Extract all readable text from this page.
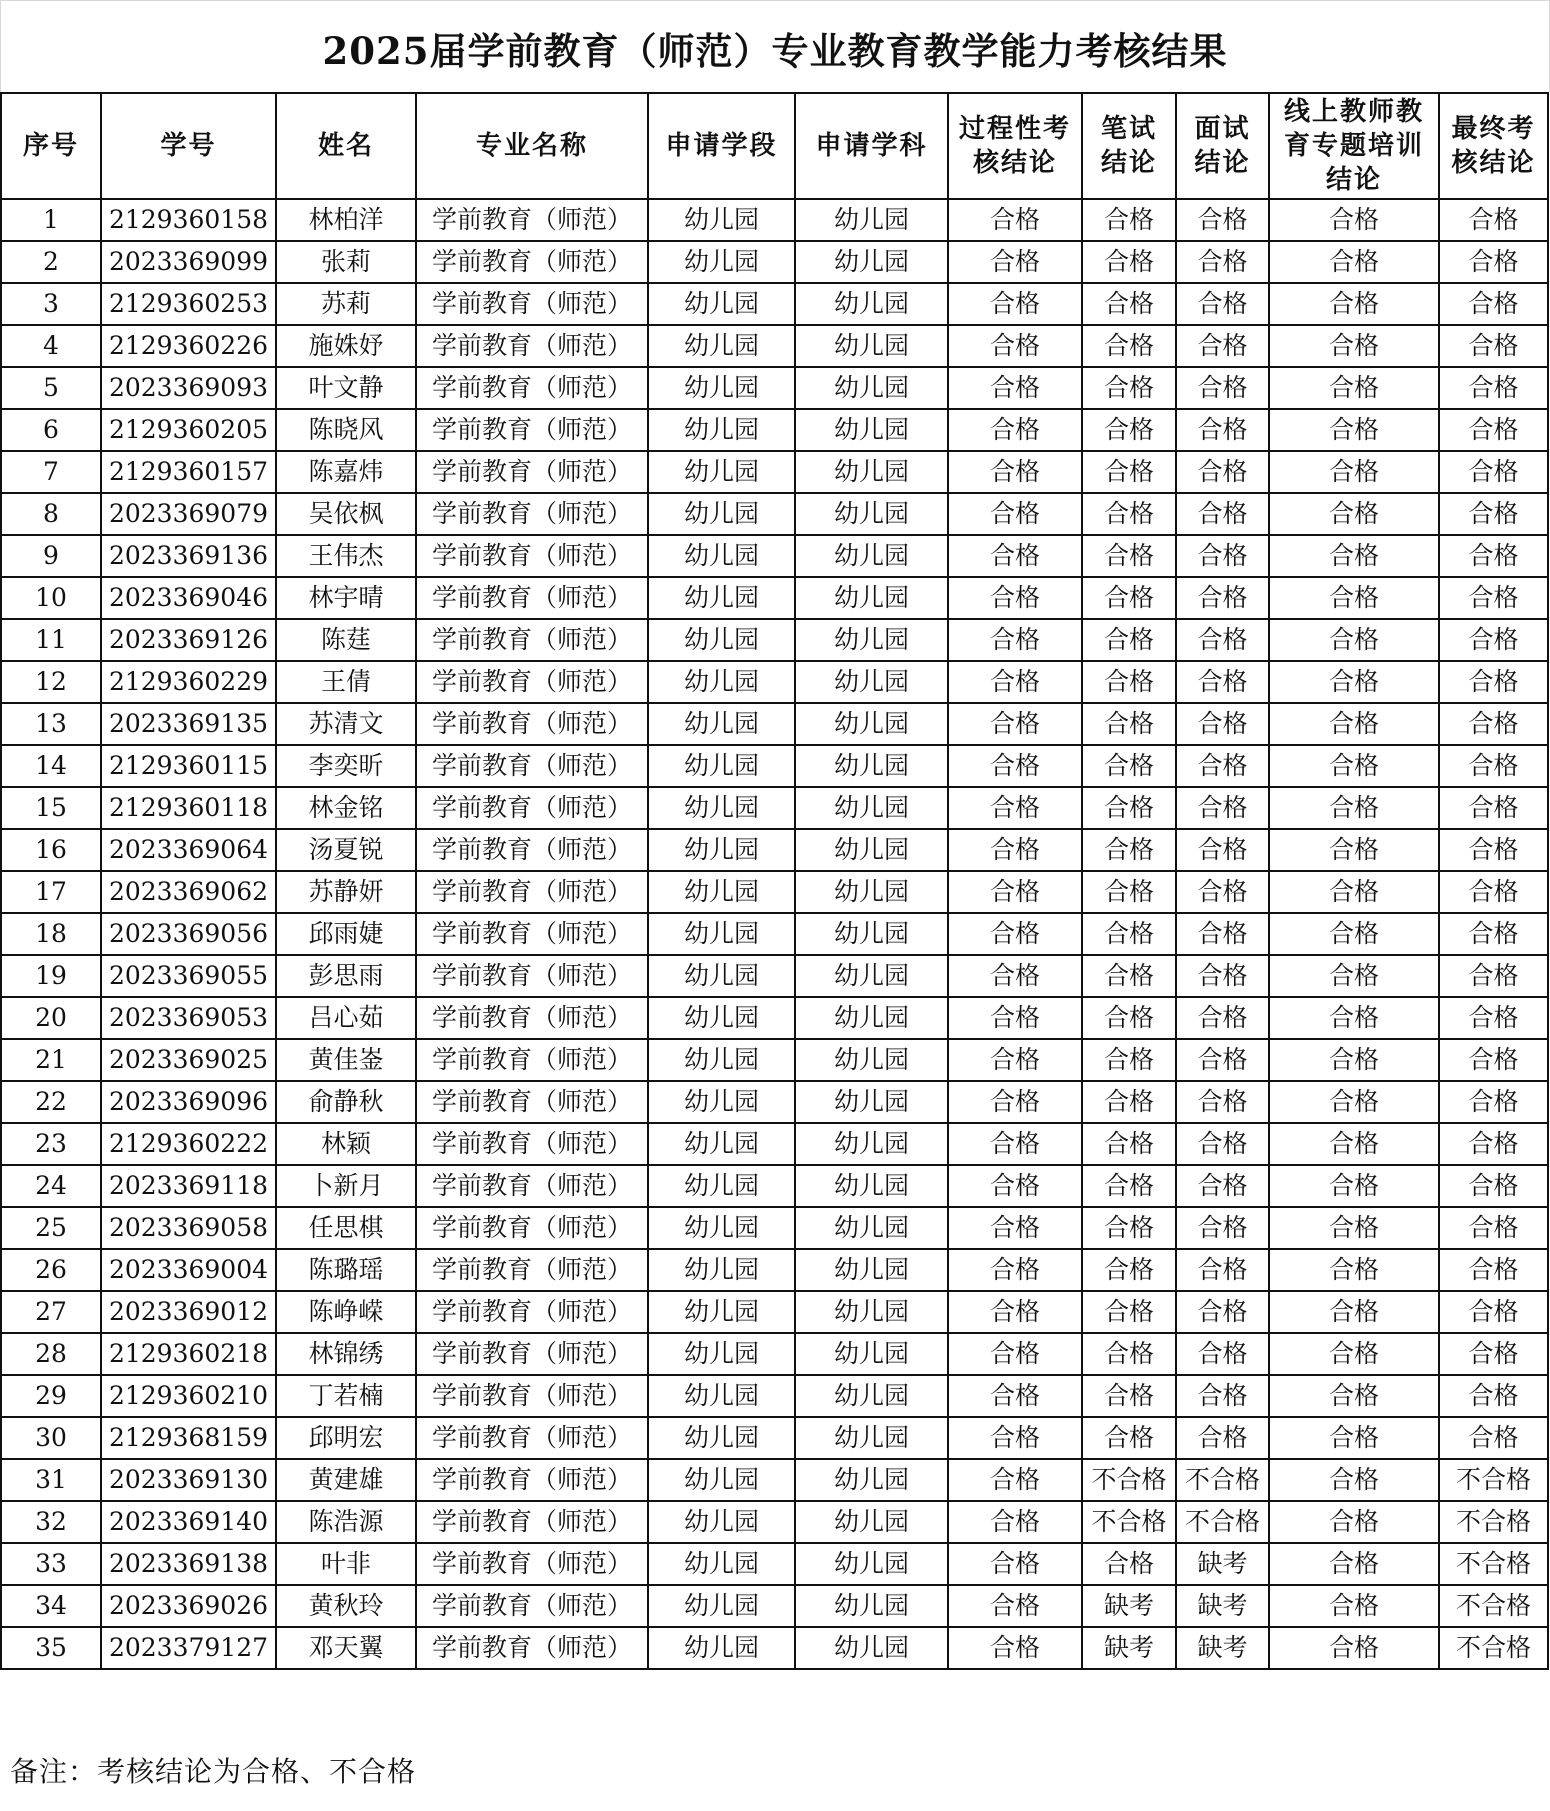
2025届学前教育（师范）专业教育教学能力考核结果
序号	学号	姓名	专业名称	申请学段	申请学科	过程性考核结论	笔试结论	面试结论	线上教师教育专题培训结论	最终考核结论
1	2129360158	林柏洋	学前教育（师范）	幼儿园	幼儿园	合格	合格	合格	合格	合格
2	2023369099	张莉	学前教育（师范）	幼儿园	幼儿园	合格	合格	合格	合格	合格
3	2129360253	苏莉	学前教育（师范）	幼儿园	幼儿园	合格	合格	合格	合格	合格
4	2129360226	施姝妤	学前教育（师范）	幼儿园	幼儿园	合格	合格	合格	合格	合格
5	2023369093	叶文静	学前教育（师范）	幼儿园	幼儿园	合格	合格	合格	合格	合格
6	2129360205	陈晓风	学前教育（师范）	幼儿园	幼儿园	合格	合格	合格	合格	合格
7	2129360157	陈嘉炜	学前教育（师范）	幼儿园	幼儿园	合格	合格	合格	合格	合格
8	2023369079	吴依枫	学前教育（师范）	幼儿园	幼儿园	合格	合格	合格	合格	合格
9	2023369136	王伟杰	学前教育（师范）	幼儿园	幼儿园	合格	合格	合格	合格	合格
10	2023369046	林宇晴	学前教育（师范）	幼儿园	幼儿园	合格	合格	合格	合格	合格
11	2023369126	陈莛	学前教育（师范）	幼儿园	幼儿园	合格	合格	合格	合格	合格
12	2129360229	王倩	学前教育（师范）	幼儿园	幼儿园	合格	合格	合格	合格	合格
13	2023369135	苏清文	学前教育（师范）	幼儿园	幼儿园	合格	合格	合格	合格	合格
14	2129360115	李奕昕	学前教育（师范）	幼儿园	幼儿园	合格	合格	合格	合格	合格
15	2129360118	林金铭	学前教育（师范）	幼儿园	幼儿园	合格	合格	合格	合格	合格
16	2023369064	汤夏锐	学前教育（师范）	幼儿园	幼儿园	合格	合格	合格	合格	合格
17	2023369062	苏静妍	学前教育（师范）	幼儿园	幼儿园	合格	合格	合格	合格	合格
18	2023369056	邱雨婕	学前教育（师范）	幼儿园	幼儿园	合格	合格	合格	合格	合格
19	2023369055	彭思雨	学前教育（师范）	幼儿园	幼儿园	合格	合格	合格	合格	合格
20	2023369053	吕心茹	学前教育（师范）	幼儿园	幼儿园	合格	合格	合格	合格	合格
21	2023369025	黄佳崟	学前教育（师范）	幼儿园	幼儿园	合格	合格	合格	合格	合格
22	2023369096	俞静秋	学前教育（师范）	幼儿园	幼儿园	合格	合格	合格	合格	合格
23	2129360222	林颖	学前教育（师范）	幼儿园	幼儿园	合格	合格	合格	合格	合格
24	2023369118	卜新月	学前教育（师范）	幼儿园	幼儿园	合格	合格	合格	合格	合格
25	2023369058	任思棋	学前教育（师范）	幼儿园	幼儿园	合格	合格	合格	合格	合格
26	2023369004	陈璐瑶	学前教育（师范）	幼儿园	幼儿园	合格	合格	合格	合格	合格
27	2023369012	陈峥嵘	学前教育（师范）	幼儿园	幼儿园	合格	合格	合格	合格	合格
28	2129360218	林锦绣	学前教育（师范）	幼儿园	幼儿园	合格	合格	合格	合格	合格
29	2129360210	丁若楠	学前教育（师范）	幼儿园	幼儿园	合格	合格	合格	合格	合格
30	2129368159	邱明宏	学前教育（师范）	幼儿园	幼儿园	合格	合格	合格	合格	合格
31	2023369130	黄建雄	学前教育（师范）	幼儿园	幼儿园	合格	不合格	不合格	合格	不合格
32	2023369140	陈浩源	学前教育（师范）	幼儿园	幼儿园	合格	不合格	不合格	合格	不合格
33	2023369138	叶非	学前教育（师范）	幼儿园	幼儿园	合格	合格	缺考	合格	不合格
34	2023369026	黄秋玲	学前教育（师范）	幼儿园	幼儿园	合格	缺考	缺考	合格	不合格
35	2023379127	邓天翼	学前教育（师范）	幼儿园	幼儿园	合格	缺考	缺考	合格	不合格
备注：考核结论为合格、不合格
